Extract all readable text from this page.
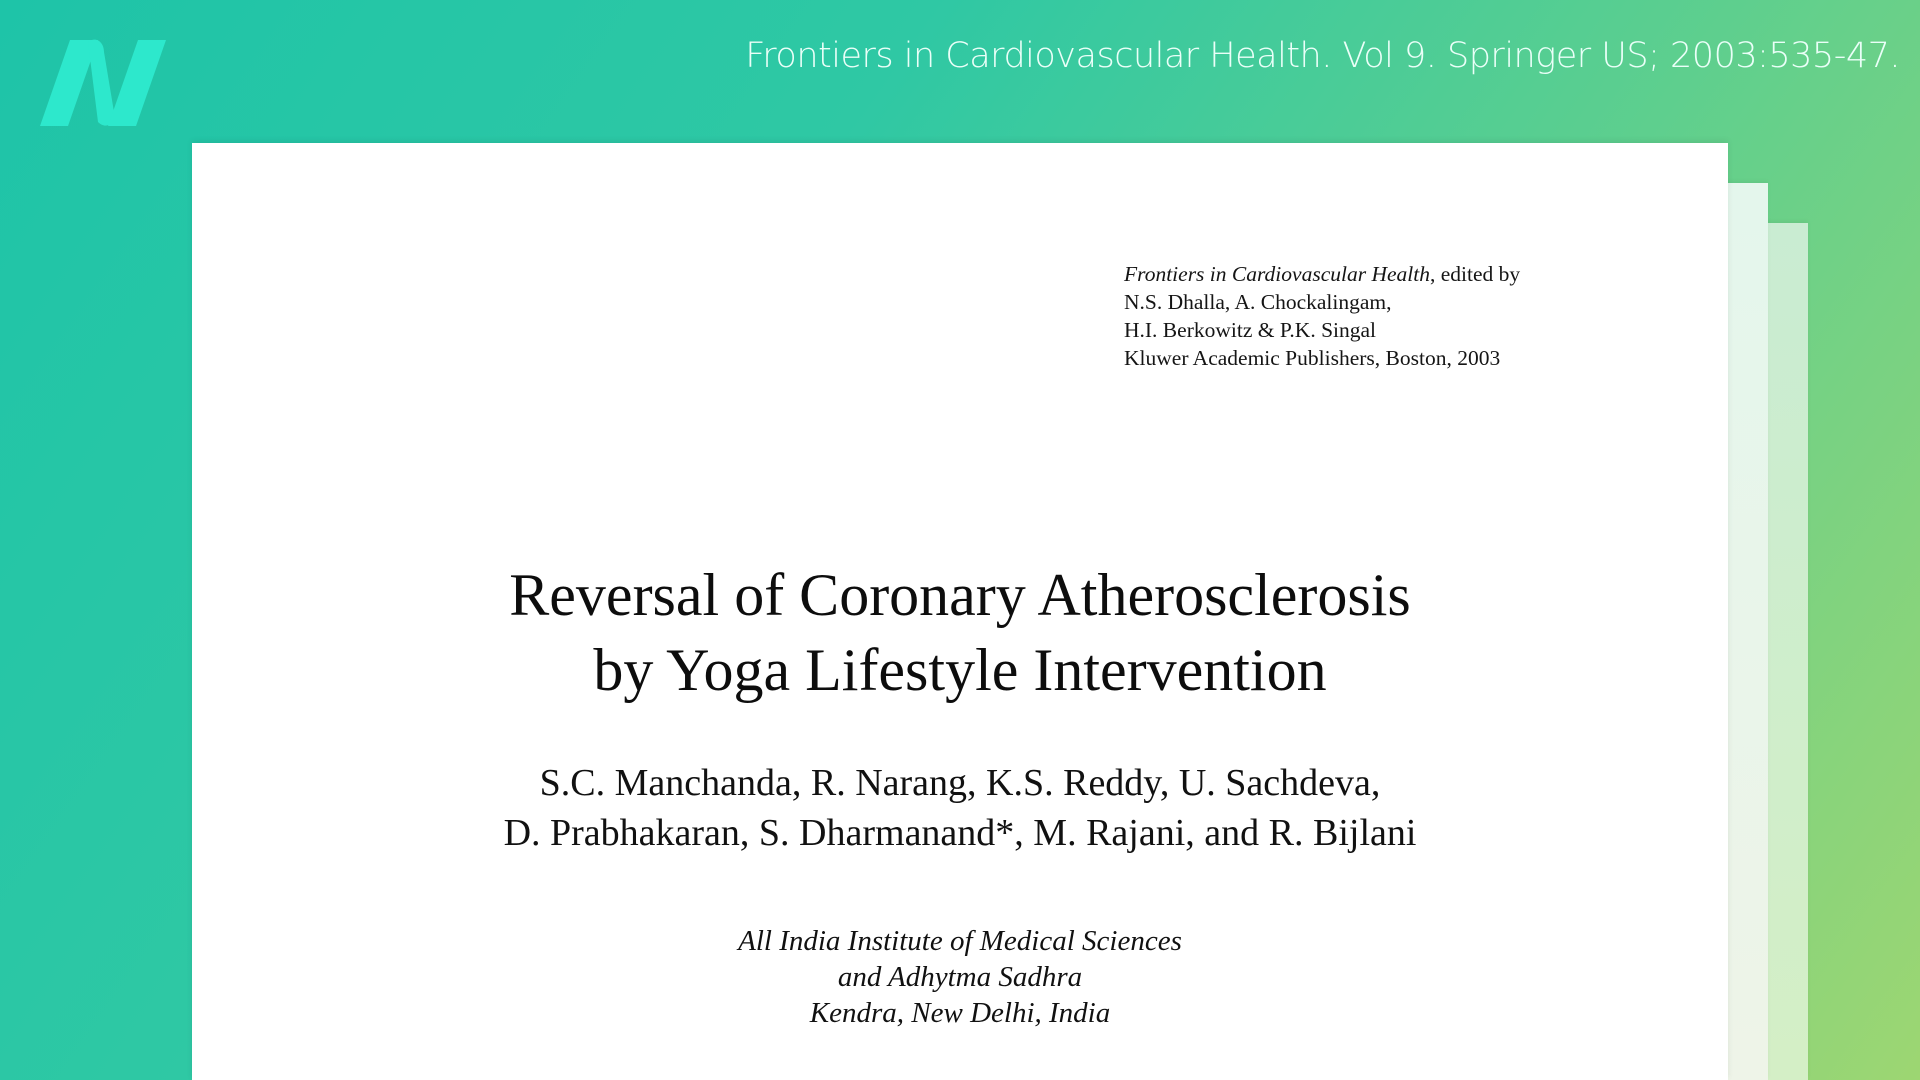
Frontiers in Cardiovascular Health. Vol 9. Springer US; 2003:535-47.
Frontiers in Cardiovascular Health, edited by
N.S. Dhalla, A. Chockalingam,
H.I. Berkowitz & P.K. Singal
Kluwer Academic Publishers, Boston, 2003
Reversal of Coronary Atherosclerosis
by Yoga Lifestyle Intervention
S.C. Manchanda, R. Narang, K.S. Reddy, U. Sachdeva,
D. Prabhakaran, S. Dharmanand*, M. Rajani, and R. Bijlani
All India Institute of Medical Sciences
and Adhytma Sadhra
Kendra, New Delhi, India
